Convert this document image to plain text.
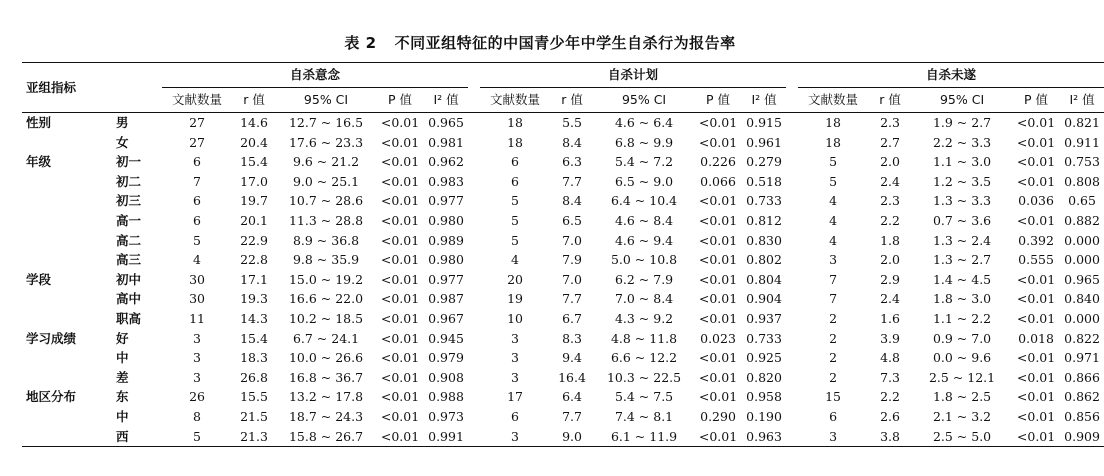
表 2 不同亚组特征的中国青少年中学生自杀行为报告率
亚组指标		自杀意念						自杀计划						自杀未遂				
		文献数量	r 值	95% CI	P 值	I² 值		文献数量	r 值	95% CI	P 值	I² 值		文献数量	r 值	95% CI	P 值	I² 值
性别	男	27	14.6	12.7 ~ 16.5	<0.01	0.965		18	5.5	4.6 ~ 6.4	<0.01	0.915		18	2.3	1.9 ~ 2.7	<0.01	0.821
	女	27	20.4	17.6 ~ 23.3	<0.01	0.981		18	8.4	6.8 ~ 9.9	<0.01	0.961		18	2.7	2.2 ~ 3.3	<0.01	0.911
年级	初一	6	15.4	9.6 ~ 21.2	<0.01	0.962		6	6.3	5.4 ~ 7.2	0.226	0.279		5	2.0	1.1 ~ 3.0	<0.01	0.753
	初二	7	17.0	9.0 ~ 25.1	<0.01	0.983		6	7.7	6.5 ~ 9.0	0.066	0.518		5	2.4	1.2 ~ 3.5	<0.01	0.808
	初三	6	19.7	10.7 ~ 28.6	<0.01	0.977		5	8.4	6.4 ~ 10.4	<0.01	0.733		4	2.3	1.3 ~ 3.3	0.036	0.65
	高一	6	20.1	11.3 ~ 28.8	<0.01	0.980		5	6.5	4.6 ~ 8.4	<0.01	0.812		4	2.2	0.7 ~ 3.6	<0.01	0.882
	高二	5	22.9	8.9 ~ 36.8	<0.01	0.989		5	7.0	4.6 ~ 9.4	<0.01	0.830		4	1.8	1.3 ~ 2.4	0.392	0.000
	高三	4	22.8	9.8 ~ 35.9	<0.01	0.980		4	7.9	5.0 ~ 10.8	<0.01	0.802		3	2.0	1.3 ~ 2.7	0.555	0.000
学段	初中	30	17.1	15.0 ~ 19.2	<0.01	0.977		20	7.0	6.2 ~ 7.9	<0.01	0.804		7	2.9	1.4 ~ 4.5	<0.01	0.965
	高中	30	19.3	16.6 ~ 22.0	<0.01	0.987		19	7.7	7.0 ~ 8.4	<0.01	0.904		7	2.4	1.8 ~ 3.0	<0.01	0.840
	职高	11	14.3	10.2 ~ 18.5	<0.01	0.967		10	6.7	4.3 ~ 9.2	<0.01	0.937		2	1.6	1.1 ~ 2.2	<0.01	0.000
学习成绩	好	3	15.4	6.7 ~ 24.1	<0.01	0.945		3	8.3	4.8 ~ 11.8	0.023	0.733		2	3.9	0.9 ~ 7.0	0.018	0.822
	中	3	18.3	10.0 ~ 26.6	<0.01	0.979		3	9.4	6.6 ~ 12.2	<0.01	0.925		2	4.8	0.0 ~ 9.6	<0.01	0.971
	差	3	26.8	16.8 ~ 36.7	<0.01	0.908		3	16.4	10.3 ~ 22.5	<0.01	0.820		2	7.3	2.5 ~ 12.1	<0.01	0.866
地区分布	东	26	15.5	13.2 ~ 17.8	<0.01	0.988		17	6.4	5.4 ~ 7.5	<0.01	0.958		15	2.2	1.8 ~ 2.5	<0.01	0.862
	中	8	21.5	18.7 ~ 24.3	<0.01	0.973		6	7.7	7.4 ~ 8.1	0.290	0.190		6	2.6	2.1 ~ 3.2	<0.01	0.856
	西	5	21.3	15.8 ~ 26.7	<0.01	0.991		3	9.0	6.1 ~ 11.9	<0.01	0.963		3	3.8	2.5 ~ 5.0	<0.01	0.909
